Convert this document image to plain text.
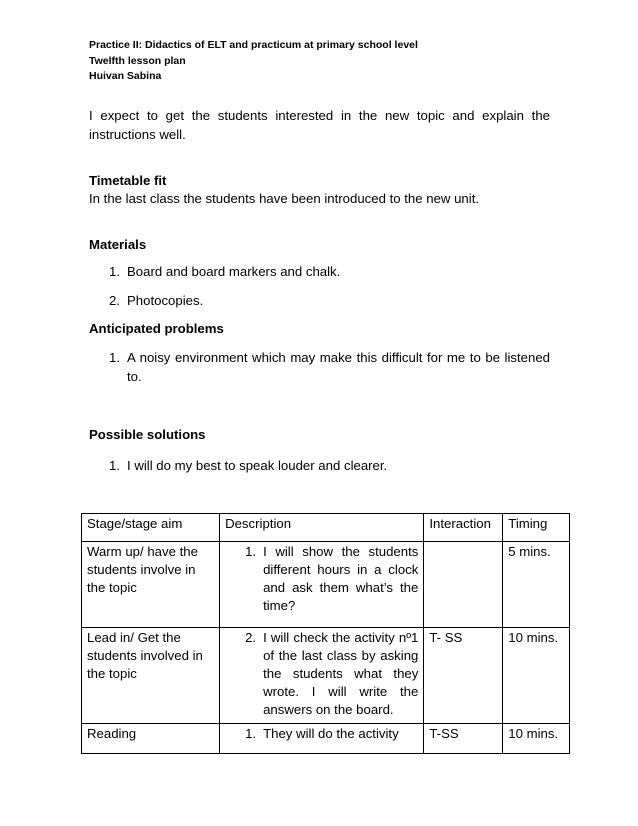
Practice II: Didactics of ELT and practicum at primary school level
Twelfth lesson plan
Huivan Sabina
I expect to get the students interested in the new topic and explain the instructions well.
Timetable fit
In the last class the students have been introduced to the new unit.
Materials
1. Board and board markers and chalk.
2. Photocopies.
Anticipated problems
1. A noisy environment which may make this difficult for me to be listened to.
Possible solutions
1. I will do my best to speak louder and clearer.
Stage/stage aim	Description	Interaction	Timing
Warm up/ have the students involve in the topic	1. I will show the students different hours in a clock and ask them what’s the time?		5 mins.
Lead in/ Get the students involved in the topic	2. I will check the activity nº1 of the last class by asking the students what they wrote. I will write the answers on the board.	T- SS	10 mins.
Reading	1. They will do the activity	T-SS	10 mins.
